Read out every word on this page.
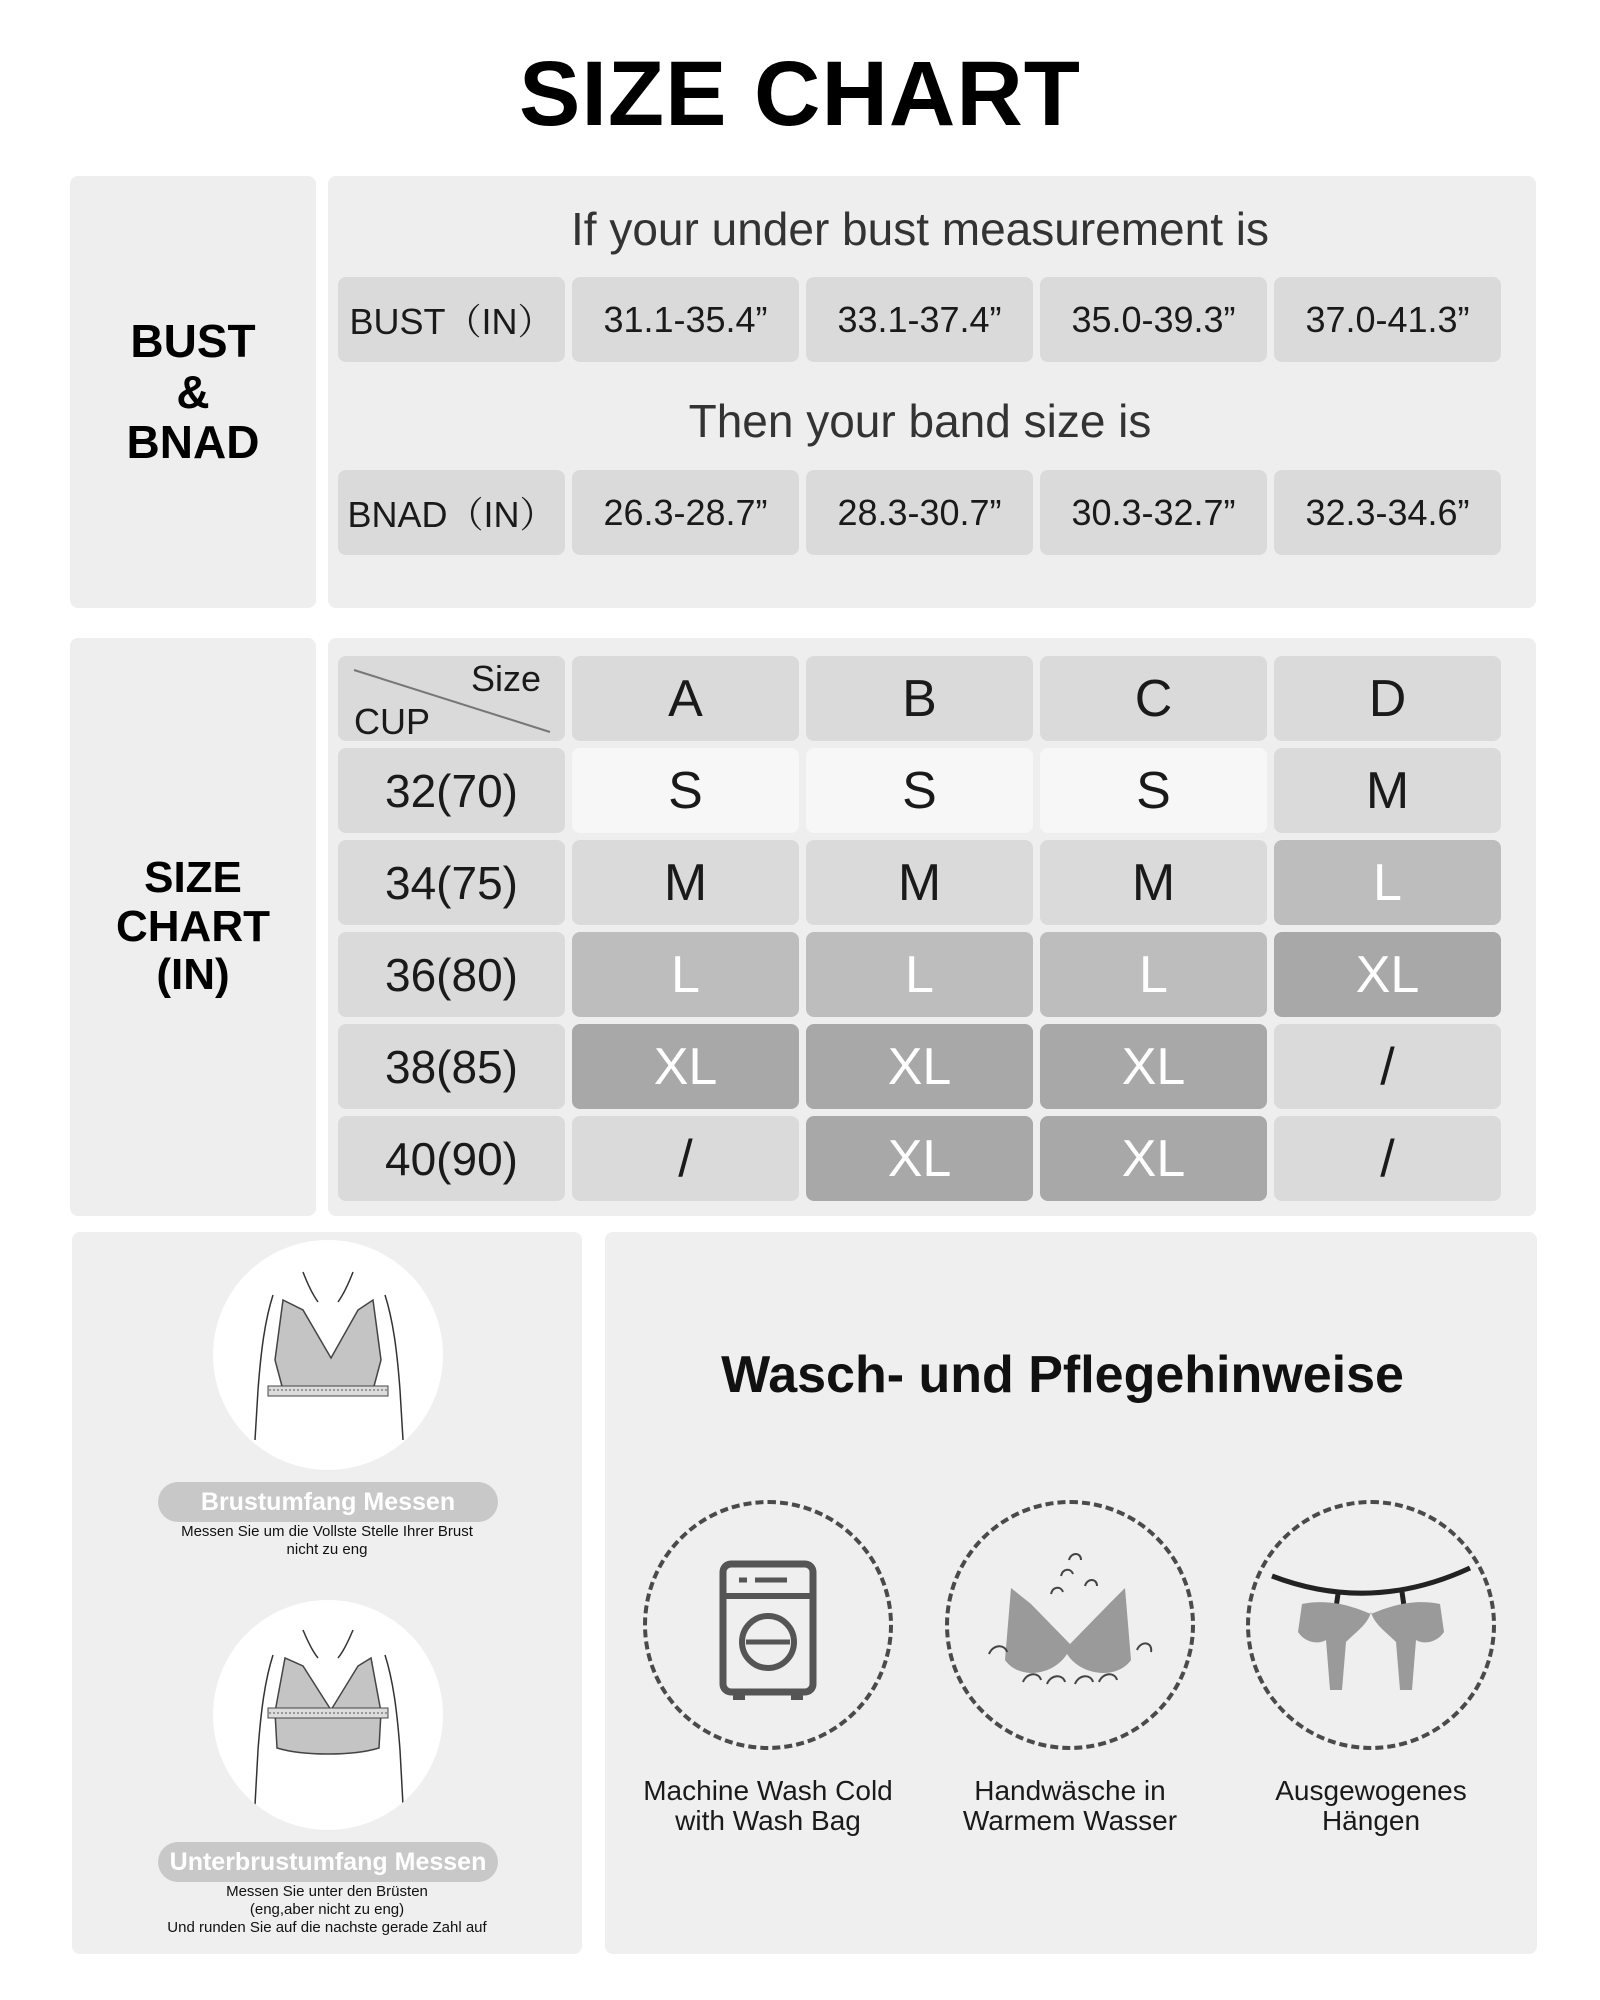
SIZE CHART
BUST
&
BNAD
If your under bust measurement is
Then your band size is
BUST（IN）	31.1-35.4”	33.1-37.4”	35.0-39.3”	37.0-41.3”
BNAD（IN）	26.3-28.7”	28.3-30.7”	30.3-32.7”	32.3-34.6”
SIZE
CHART
(IN)
Size
CUP	A	B	C	D
32(70)	S	S	S	M
34(75)	M	M	M	L
36(80)	L	L	L	XL
38(85)	XL	XL	XL	/
40(90)	/	XL	XL	/
Brustumfang Messen
Messen Sie um die Vollste Stelle Ihrer Brust
nicht zu eng
Unterbrustumfang Messen
Messen Sie unter den Brüsten
(eng,aber nicht zu eng)
Und runden Sie auf die nachste gerade Zahl auf
Wasch- und Pflegehinweise
Machine Wash Cold
with Wash Bag
Handwäsche in
Warmem Wasser
Ausgewogenes
Hängen
